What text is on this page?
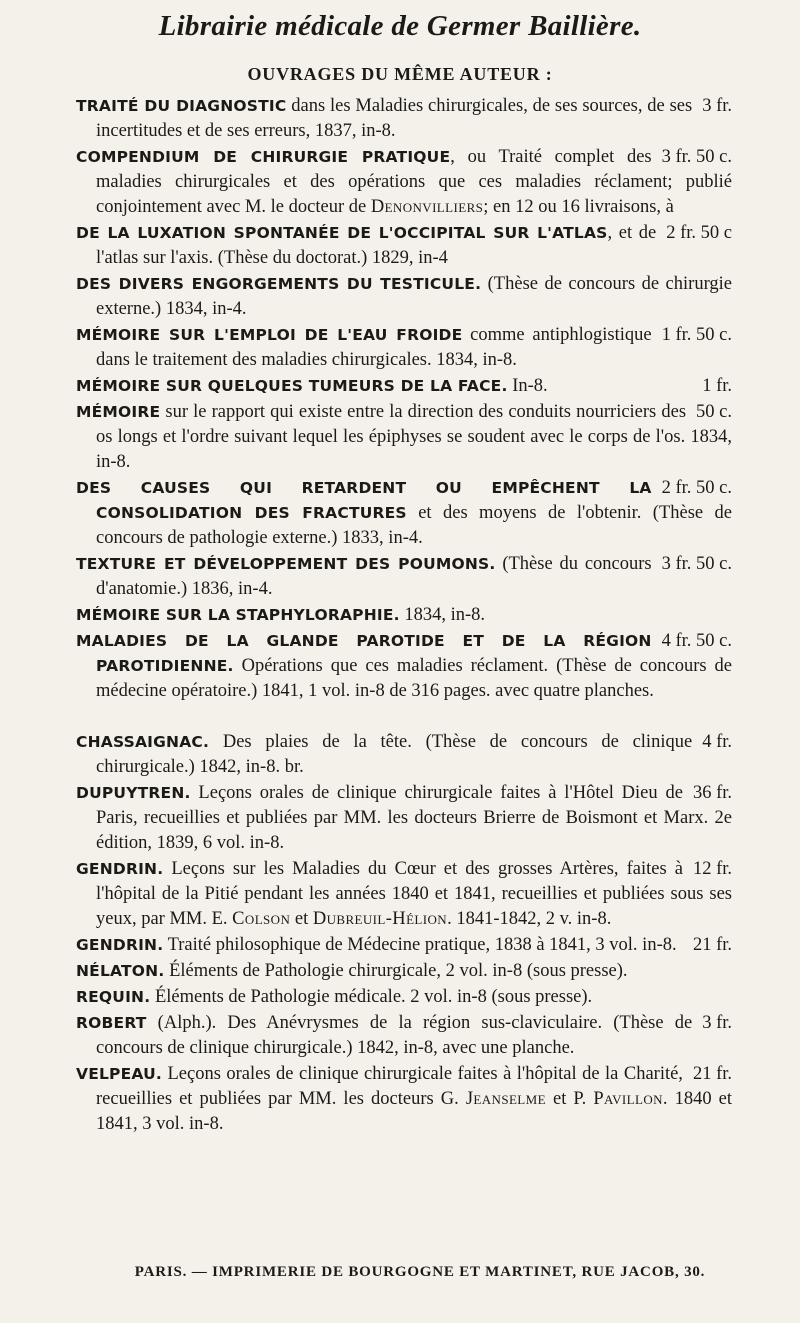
Librairie médicale de Germer Baillière.
OUVRAGES DU MÊME AUTEUR :

3 fr.
TRAITÉ DU DIAGNOSTIC dans les Maladies chirurgicales, de ses sources, de ses incertitudes et de ses erreurs, 1837, in-8.

3 fr. 50 c.
COMPENDIUM DE CHIRURGIE PRATIQUE, ou Traité complet des maladies chirurgicales et des opérations que ces maladies réclament; publié conjointement avec M. le docteur de Denonvilliers; en 12 ou 16 livraisons, à

2 fr. 50 c
DE LA LUXATION SPONTANÉE DE L'OCCIPITAL SUR L'ATLAS, et de l'atlas sur l'axis. (Thèse du doctorat.) 1829, in-4

DES DIVERS ENGORGEMENTS DU TESTICULE. (Thèse de concours de chirurgie externe.) 1834, in-4.

1 fr. 50 c.
MÉMOIRE SUR L'EMPLOI DE L'EAU FROIDE comme antiphlogistique dans le traitement des maladies chirurgicales. 1834, in-8.

1 fr.
MÉMOIRE SUR QUELQUES TUMEURS DE LA FACE. In-8.

50 c.
MÉMOIRE sur le rapport qui existe entre la direction des conduits nourriciers des os longs et l'ordre suivant lequel les épiphyses se soudent avec le corps de l'os. 1834, in-8.

2 fr. 50 c.
DES CAUSES QUI RETARDENT OU EMPÊCHENT LA CONSOLIDATION DES FRACTURES et des moyens de l'obtenir. (Thèse de concours de pathologie externe.) 1833, in-4.

3 fr. 50 c.
TEXTURE ET DÉVELOPPEMENT DES POUMONS. (Thèse du concours d'anatomie.) 1836, in-4.

MÉMOIRE SUR LA STAPHYLORAPHIE. 1834, in-8.

4 fr. 50 c.
MALADIES DE LA GLANDE PAROTIDE ET DE LA RÉGION PAROTIDIENNE. Opérations que ces maladies réclament. (Thèse de concours de médecine opératoire.) 1841, 1 vol. in-8 de 316 pages. avec quatre planches.

4 fr.
CHASSAIGNAC. Des plaies de la tête. (Thèse de concours de clinique chirurgicale.) 1842, in-8. br.

36 fr.
DUPUYTREN. Leçons orales de clinique chirurgicale faites à l'Hôtel Dieu de Paris, recueillies et publiées par MM. les docteurs Brierre de Boismont et Marx. 2e édition, 1839, 6 vol. in-8.

12 fr.
GENDRIN. Leçons sur les Maladies du Cœur et des grosses Artères, faites à l'hôpital de la Pitié pendant les années 1840 et 1841, recueillies et publiées sous ses yeux, par MM. E. Colson et Dubreuil-Hélion. 1841-1842, 2 v. in-8.

21 fr.
GENDRIN. Traité philosophique de Médecine pratique, 1838 à 1841, 3 vol. in-8.

NÉLATON. Éléments de Pathologie chirurgicale, 2 vol. in-8 (sous presse).

REQUIN. Éléments de Pathologie médicale. 2 vol. in-8 (sous presse).

3 fr.
ROBERT (Alph.). Des Anévrysmes de la région sus-claviculaire. (Thèse de concours de clinique chirurgicale.) 1842, in-8, avec une planche.

21 fr.
VELPEAU. Leçons orales de clinique chirurgicale faites à l'hôpital de la Charité, recueillies et publiées par MM. les docteurs G. Jeanselme et P. Pavillon. 1840 et 1841, 3 vol. in-8.

PARIS. — IMPRIMERIE DE BOURGOGNE ET MARTINET, RUE JACOB, 30.
